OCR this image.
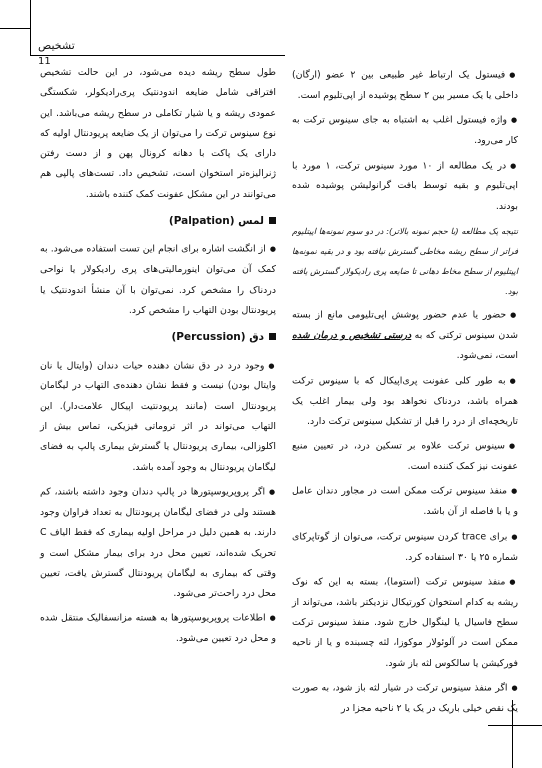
تشخیص
11

● فیستول یک ارتباط غیر طبیعی بین ۲ عضو (ارگان) داخلی یا یک مسیر بین ۲ سطح پوشیده از اپی‌تلیوم است.

● واژه فیستول اغلب به اشتباه به جای سینوس ترکت به کار می‌رود.

● در یک مطالعه از ۱۰ مورد سینوس ترکت، ۱ مورد با اپی‌تلیوم و بقیه توسط بافت گرانولیشن پوشیده شده بودند.

نتیجه یک مطالعه (با حجم نمونه بالاتر): در دو سوم نمونه‌ها اپیتلیوم فراتر از سطح ریشه مخاطی گسترش نیافته بود و در بقیه نمونه‌ها اپیتلیوم از سطح مخاط دهانی تا ضایعه پری رادیکولار گسترش یافته بود.

● حضور یا عدم حضور پوشش اپی‌تلیومی مانع از بسته شدن سینوس ترکتی که به درستی تشخیص و درمان شده است، نمی‌شود.

● به طور کلی عفونت پری‌اپیکال که با سینوس ترکت همراه باشد، دردناک نخواهد بود ولی بیمار اغلب یک تاریخچه‌ای از درد را قبل از تشکیل سینوس ترکت دارد.

● سینوس ترکت علاوه بر تسکین درد، در تعیین منبع عفونت نیز کمک کننده است.

● منفذ سینوس ترکت ممکن است در مجاور دندان عامل و یا با فاصله از آن باشد.

● برای trace کردن سینوس ترکت، می‌توان از گوتاپرکای شماره ۲۵ یا ۳۰ استفاده کرد.

● منفذ سینوس ترکت (استوما)، بسته به این که نوک ریشه به کدام استخوان کورتیکال نزدیکتر باشد، می‌تواند از سطح فاسیال یا لینگوال خارج شود. منفذ سینوس ترکت ممکن است در آلوئولار موکوزا، لثه چسبنده و یا از ناحیه فورکیشن یا سالکوس لثه باز شود.

● اگر منفذ سینوس ترکت در شیار لثه باز شود، به صورت یک نقص خیلی باریک در یک یا ۲ ناحیه مجزا در

طول سطح ریشه دیده می‌شود، در این حالت تشخیص افتراقی شامل ضایعه اندودنتیک پری‌رادیکولر، شکستگی عمودی ریشه و یا شیار تکاملی در سطح ریشه می‌باشد. این نوع سینوس ترکت را می‌توان از یک ضایعه پریودنتال اولیه که دارای یک پاکت با دهانه کرونال پهن و از دست رفتن ژنرالیزه‌تر استخوان است، تشخیص داد. تست‌های پالپی هم می‌توانند در این مشکل عفونت کمک کننده باشند.

لمس (Palpation)

● از انگشت اشاره برای انجام این تست استفاده می‌شود. به کمک آن می‌توان اینورمالیتی‌های پری رادیکولار یا نواحی دردناک را مشخص کرد. نمی‌توان با آن منشأ اندودنتیک یا پریودنتال بودن التهاب را مشخص کرد.

دق (Percussion)

● وجود درد در دق نشان دهنده حیات دندان (وایتال یا نان وایتال بودن) نیست و فقط نشان دهنده‌ی التهاب در لیگامان پریودنتال است (مانند پریودنتیت اپیکال علامت‌دار). این التهاب می‌تواند در اثر تروماتی فیزیکی، تماس بیش از اکلوزالی، بیماری پریودنتال یا گسترش بیماری پالپ به فضای لیگامان پریودنتال به وجود آمده باشد.

● اگر پروپریوسپتورها در پالپ دندان وجود داشته باشند، کم هستند ولی در فضای لیگامان پریودنتال به تعداد فراوان وجود دارند. به همین دلیل در مراحل اولیه بیماری که فقط الیاف C تحریک شده‌اند، تعیین محل درد برای بیمار مشکل است و وقتی که بیماری به لیگامان پریودنتال گسترش یافت، تعیین محل درد راحت‌تر می‌شود.

● اطلاعات پروپریوسپتورها به هسته مزانسفالیک منتقل شده و محل درد تعیین می‌شود.
